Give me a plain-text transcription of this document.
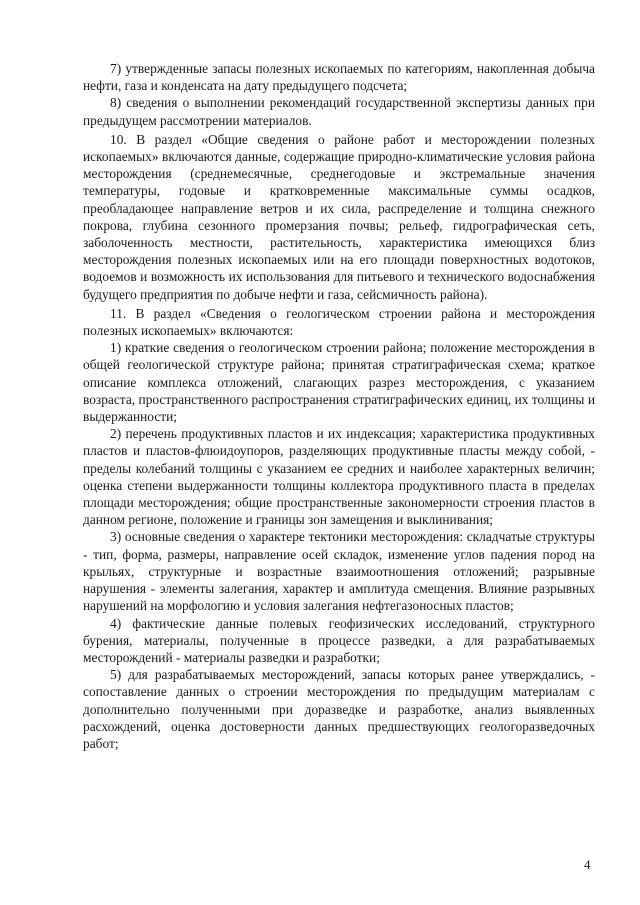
7) утвержденные запасы полезных ископаемых по категориям, накопленная добыча нефти, газа и конденсата на дату предыдущего подсчета;

8) сведения о выполнении рекомендаций государственной экспертизы данных при предыдущем рассмотрении материалов.

10. В раздел «Общие сведения о районе работ и месторождении полезных ископаемых» включаются данные, содержащие природно-климатические условия района месторождения (среднемесячные, среднегодовые и экстремальные значения температуры, годовые и кратковременные максимальные суммы осадков, преобладающее направление ветров и их сила, распределение и толщина снежного покрова, глубина сезонного промерзания почвы; рельеф, гидрографическая сеть, заболоченность местности, растительность, характеристика имеющихся близ месторождения полезных ископаемых или на его площади поверхностных водотоков, водоемов и возможность их использования для питьевого и технического водоснабжения будущего предприятия по добыче нефти и газа, сейсмичность района).

11. В раздел «Сведения о геологическом строении района и месторождения полезных ископаемых» включаются:

1) краткие сведения о геологическом строении района; положение месторождения в общей геологической структуре района; принятая стратиграфическая схема; краткое описание комплекса отложений, слагающих разрез месторождения, с указанием возраста, пространственного распространения стратиграфических единиц, их толщины и выдержанности;

2) перечень продуктивных пластов и их индексация; характеристика продуктивных пластов и пластов-флюидоупоров, разделяющих продуктивные пласты между собой, - пределы колебаний толщины с указанием ее средних и наиболее характерных величин; оценка степени выдержанности толщины коллектора продуктивного пласта в пределах площади месторождения; общие пространственные закономерности строения пластов в данном регионе, положение и границы зон замещения и выклинивания;

3) основные сведения о характере тектоники месторождения: складчатые структуры - тип, форма, размеры, направление осей складок, изменение углов падения пород на крыльях, структурные и возрастные взаимоотношения отложений; разрывные нарушения - элементы залегания, характер и амплитуда смещения. Влияние разрывных нарушений на морфологию и условия залегания нефтегазоносных пластов;

4) фактические данные полевых геофизических исследований, структурного бурения, материалы, полученные в процессе разведки, а для разрабатываемых месторождений - материалы разведки и разработки;

5) для разрабатываемых месторождений, запасы которых ранее утверждались, - сопоставление данных о строении месторождения по предыдущим материалам с дополнительно полученными при доразведке и разработке, анализ выявленных расхождений, оценка достоверности данных предшествующих геологоразведочных работ;

4
